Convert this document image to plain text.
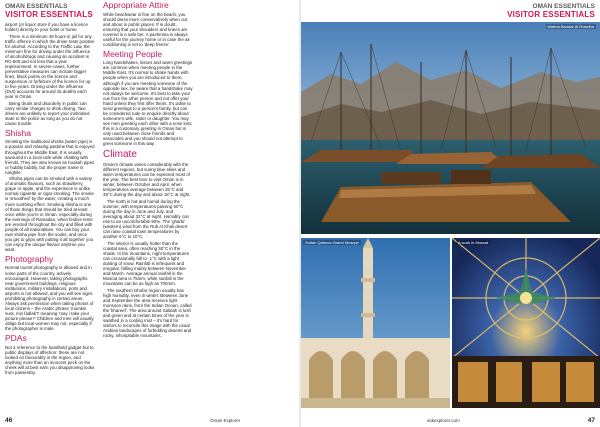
OMAN ESSENTIALS
VISITOR ESSENTIALS

airport (or liquor store if you have a licence holder) directly to your hotel or home.

There is a minimum 48 hours in jail for any traffic offence in which the driver tests positive for alcohol. According to the Traffic Law, the minimum fine for driving under the influence of alcohol/drugs and causing an accident is RO.500 and not less that a year imprisonment. In severe cases, further preventative measures can include bigger fines, black points on the licence and suspension or forfeiture of the licence for up to five years. Driving under the influence (DUI) accounts for around 15 deaths each year in Oman.

Being drunk and disorderly in public can carry similar charges to drink driving. Taxi drivers are unlikely to report your inebriated state to the police as long as you do not cause trouble.

Shisha

Smoking the traditional shisha (water pipe) is a popular and relaxing pastime that is enjoyed throughout the Middle East. It is usually savoured in a local cafe while chatting with friends. They are also known as hookah pipes or hubbly bubbly, but the proper name is narghile.

Shisha pipes can be smoked with a variety of aromatic flavours, such as strawberry, grape or apple, and the experience is unlike normal cigarette or cigar smoking. The smoke is 'smoothed' by the water, creating a much more soothing effect. Smoking shisha is one of those things that should be tried at least once while you're in Oman, especially during the evenings of Ramadan, when festive tents are erected throughout the city and filled with people of all nationalities. You can buy your own shisha pipe from the souks, and once you get to grips with putting it all together you can enjoy the unique flavour anytime you want.

Photography

Normal tourist photography is allowed and in some parts of the country, actively encouraged. However, taking photographs near government buildings, religious institutions, military installations, ports and airports is not allowed, and you will see signs prohibiting photography in certain areas. Always ask permission when taking photos of local citizens – the Arabic phrase 'mumkin sura, min fadlak?' meaning 'may i take your picture please?' Children and men will usually oblige but local women may not, especially if the photographer is male.

PDAs

Not a reference to the handheld gadget but to public displays of affection: these are not looked on favourably in the region, and anything more than an innocent peck on the cheek will at best earn you disapproving looks from passersby.

Appropriate Attire

While beachwear is fine on the beach, you should dress more conservatively when out and about in public places. If in doubt, ensuring that your shoulders and knees are covered is a safe bet. A pashmina is always useful for the journey home or in case the air conditioning is set to 'deep freeze'.

Meeting People

Long handshakes, kisses and warm greetings are common when meeting people in the Middle East. It's normal to shake hands with people when you are introduced to them, although if you are meeting someone of the opposite sex, be aware that a handshake may not always be welcome. It's best to take your cue from the other person and not offer your hand unless they first offer theirs. It's polite to send greetings to a person's family, but can be considered rude to enquire directly about someone's wife, sister or daughter. You may see men greeting each other with a nose kiss; this is a customary greeting in Oman but is only used between close friends and associates and you should not attempt to greet someone in this way.

Climate

Oman's climate varies considerably with the different regions, but sunny blue skies and warm temperatures can be expected most of the year. The best time to visit Oman is in winter, between October and April, when temperatures average between 25°C and 35°C during the day and about 18°C at night.

The north is hot and humid during the summer, with temperatures passing 50°C during the day in June and July, and averaging about 32°C at night. Humidity can rise to an uncomfortable 90%. The 'gharbi' (western) wind from the Rub Al Khali desert can raise coastal town temperatures by another 6°C to 10°C.

The interior is usually hotter than the coastal area, often reaching 50°C in the shade. In the mountains, night temperatures can occasionally fall to -1°C with a light dusting of snow. Rainfall is infrequent and irregular, falling mainly between November and March. Average annual rainfall in the Muscat area is 75mm, while rainfall in the mountains can be as high as 700mm.

The southern Dhofar region usually has high humidity, even in winter. Between June and September the area receives light monsoon rains, from the Indian Ocean, called the 'khareef'. The area around Salalah is lush and green and at certain times of the year is swathed in a cooling mist – it's hard for visitors to reconcile this image with the usual Arabian landscapes of forbidding deserts and rocky, inhospitable mountains.

46	Oman Explorer
OMAN ESSENTIALS
VISITOR ESSENTIALS
Marina Bandar Al Rowdha
Sultan Qaboos Grand Mosque	A souk in Muscat
askexplorer.com	47
